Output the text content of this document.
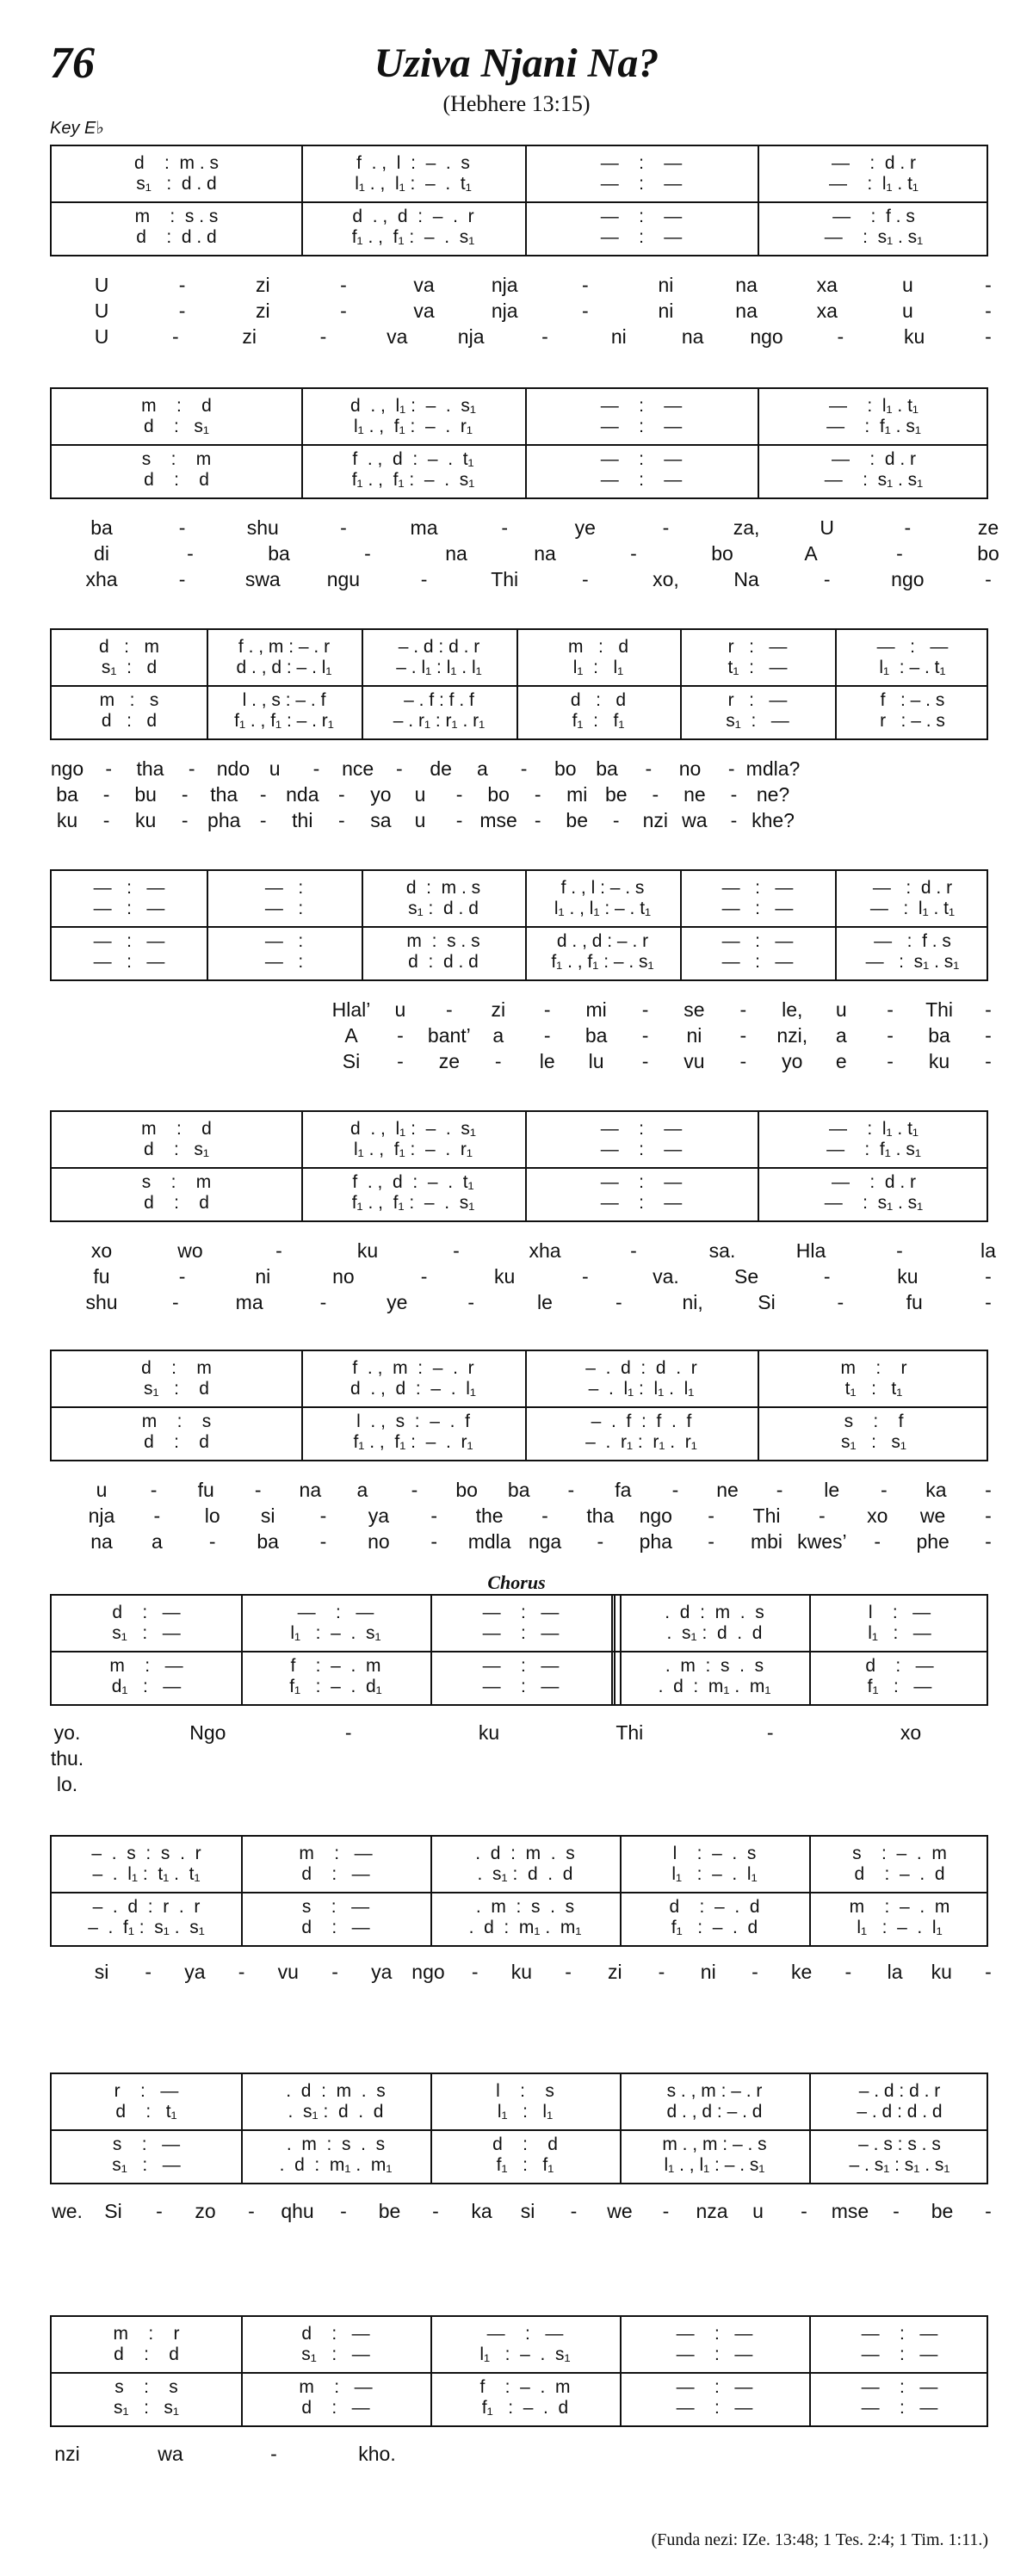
76	Uziva Njani Na?
(Hebhere 13:15)
Key E♭
Chorus
(Funda nezi: IZe. 13:48; 1 Tes. 2:4; 1 Tim. 1:11.)
d    :  m . s	f  . ,  l  :  –  .  s	—    :    —	—    :  d . r
s₁   :  d . d	l₁ . ,  l₁ :  –  .  t₁	—    :    —	—    :  l₁ . t₁
m    :  s . s	d  . ,  d  :  –  .  r	—    :    —	—    :  f . s
d    :  d . d	f₁ . ,  f₁ :  –  .  s₁	—    :    —	—    :  s₁ . s₁
m    :    d	d  . ,  l₁ :  –  .  s₁	—    :    —	—    :  l₁ . t₁
d    :   s₁	l₁ . ,  f₁ :  –  .  r₁	—    :    —	—    :  f₁ . s₁
s    :    m	f  . ,  d  :  –  .  t₁	—    :    —	—    :  d . r
d    :    d	f₁ . ,  f₁ :  –  .  s₁	—    :    —	—    :  s₁ . s₁
d   :   m	f . , m : – . r	– . d : d . r	m   :   d	r   :   —	—   :   —
s₁  :   d	d . , d : – . l₁	– . l₁ : l₁ . l₁	l₁  :   l₁	t₁  :   —	l₁  : – . t₁
m   :   s	l . , s : – . f	– . f : f . f	d   :   d	r   :   —	f   : – . s
d   :   d	f₁ . , f₁ : – . r₁	– . r₁ : r₁ . r₁	f₁  :   f₁	s₁  :   —	r   : – . s
—   :   —	—   :	d  :  m . s	f . , l : – . s	—   :   —	—   :  d . r
—   :   —	—   :	s₁ :  d . d	l₁ . , l₁ : – . t₁	—   :   —	—   :  l₁ . t₁
—   :   —	—   :	m  :  s . s	d . , d : – . r	—   :   —	—   :  f . s
—   :   —	—   :	d  :  d . d	f₁ . , f₁ : – . s₁	—   :   —	—   :  s₁ . s₁
m    :    d	d  . ,  l₁ :  –  .  s₁	—    :    —	—    :  l₁ . t₁
d    :   s₁	l₁ . ,  f₁ :  –  .  r₁	—    :    —	—    :  f₁ . s₁
s    :    m	f  . ,  d  :  –  .  t₁	—    :    —	—    :  d . r
d    :    d	f₁ . ,  f₁ :  –  .  s₁	—    :    —	—    :  s₁ . s₁
d    :    m	f  . ,  m  :  –  .  r	–  .  d  :  d  .  r	m    :    r
s₁   :    d	d  . ,  d  :  –  .  l₁	–  .  l₁ :  l₁ .  l₁	t₁   :   t₁
m    :    s	l  . ,  s  :  –  .  f	–  .  f  :  f  .  f	s    :    f
d    :    d	f₁ . ,  f₁ :  –  .  r₁	–  .  r₁ :  r₁ .  r₁	s₁   :   s₁
d    :   —	—    :   —	—    :   —	.  d  :  m  .  s	l    :   —
s₁   :   —	l₁   :  –  .  s₁	—    :   —	.  s₁ :  d  .  d	l₁   :   —
m    :   —	f    :  –  .  m	—    :   —	.  m  :  s  .  s	d    :   —
d₁   :   —	f₁   :  –  .  d₁	—    :   —	.  d  :  m₁ .  m₁	f₁   :   —
–  .  s  :  s  .  r	m    :   —	.  d  :  m  .  s	l    :  –  .  s	s    :  –  .  m
–  .  l₁ :  t₁ .  t₁	d    :   —	.  s₁ :  d  .  d	l₁   :  –  .  l₁	d    :  –  .  d
–  .  d  :  r  .  r	s    :   —	.  m  :  s  .  s	d    :  –  .  d	m    :  –  .  m
–  .  f₁ :  s₁ .  s₁	d    :   —	.  d  :  m₁ .  m₁	f₁   :  –  .  d	l₁   :  –  .  l₁
r    :   —	.  d  :  m  .  s	l    :    s	s . , m : – . r	– . d : d . r
d    :   t₁	.  s₁ :  d  .  d	l₁   :   l₁	d . , d : – . d	– . d : d . d
s    :   —	.  m  :  s  .  s	d    :    d	m . , m : – . s	– . s : s . s
s₁   :   —	.  d  :  m₁ .  m₁	f₁   :   f₁	l₁ . , l₁ : – . s₁	– . s₁ : s₁ . s₁
m    :    r	d    :   —	—    :   —	—    :   —	—    :   —
d    :    d	s₁   :   —	l₁   :  –  .  s₁	—    :   —	—    :   —
s    :    s	m    :   —	f    :  –  .  m	—    :   —	—    :   —
s₁   :   s₁	d    :   —	f₁   :  –  .  d	—    :   —	—    :   —
U	-	zi	-	va	nja	-	ni	na	xa	u	-
U	-	zi	-	va	nja	-	ni	na	xa	u	-
U	-	zi	-	va	nja	-	ni	na	ngo	-	ku	-
ba	-	shu	-	ma	-	ye	-	za,	U	-	ze
di	-	ba	-	na	na	-	bo	A	-	bo
xha	-	swa	ngu	-	Thi	-	xo,	Na	-	ngo	-
ngo	-	tha	-	ndo u	-	nce	-	de	a	-	bo ba	-	no	- mdla?
ba	-	bu	-	tha	- nda -	yo	u	-	bo	-	mi be	-	ne	- ne?
ku	-	ku	- pha -	thi	-	sa	u	- mse -	be	-	nzi wa	- khe?
Hlal’	u	-	zi	-	mi	-	se	-	le,	u	-	Thi	-
A	-	bant’	a	-	ba	-	ni	-	nzi,	a	-	ba	-
Si	-	ze	-	le	lu	-	vu	-	yo	e	-	ku	-
xo	wo	-	ku	-	xha	-	sa.	Hla	-	la
fu	-	ni	no	-	ku	-	va.	Se	-	ku	-
shu	-	ma	-	ye	-	le	-	ni,	Si	-	fu	-
u	-	fu	-	na	a	-	bo	ba	-	fa	-	ne	-	le	-	ka	-
nja	-	lo	si	-	ya	-	the	-	tha	ngo	-	Thi	-	xo	we	-
na	a	-	ba	-	no	-	mdla nga	-	pha	-	mbi kwes’	-	phe	-
yo.	Ngo	-	ku	Thi	-	xo
thu.
lo.
si	-	ya	-	vu	-	ya ngo	-	ku	-	zi	-	ni	-	ke	-	la	ku	-
we.	Si	-	zo	-	qhu	-	be	-	ka	si	-	we	-	nza	u	-	mse	-	be	-
nzi	wa	-	kho.
